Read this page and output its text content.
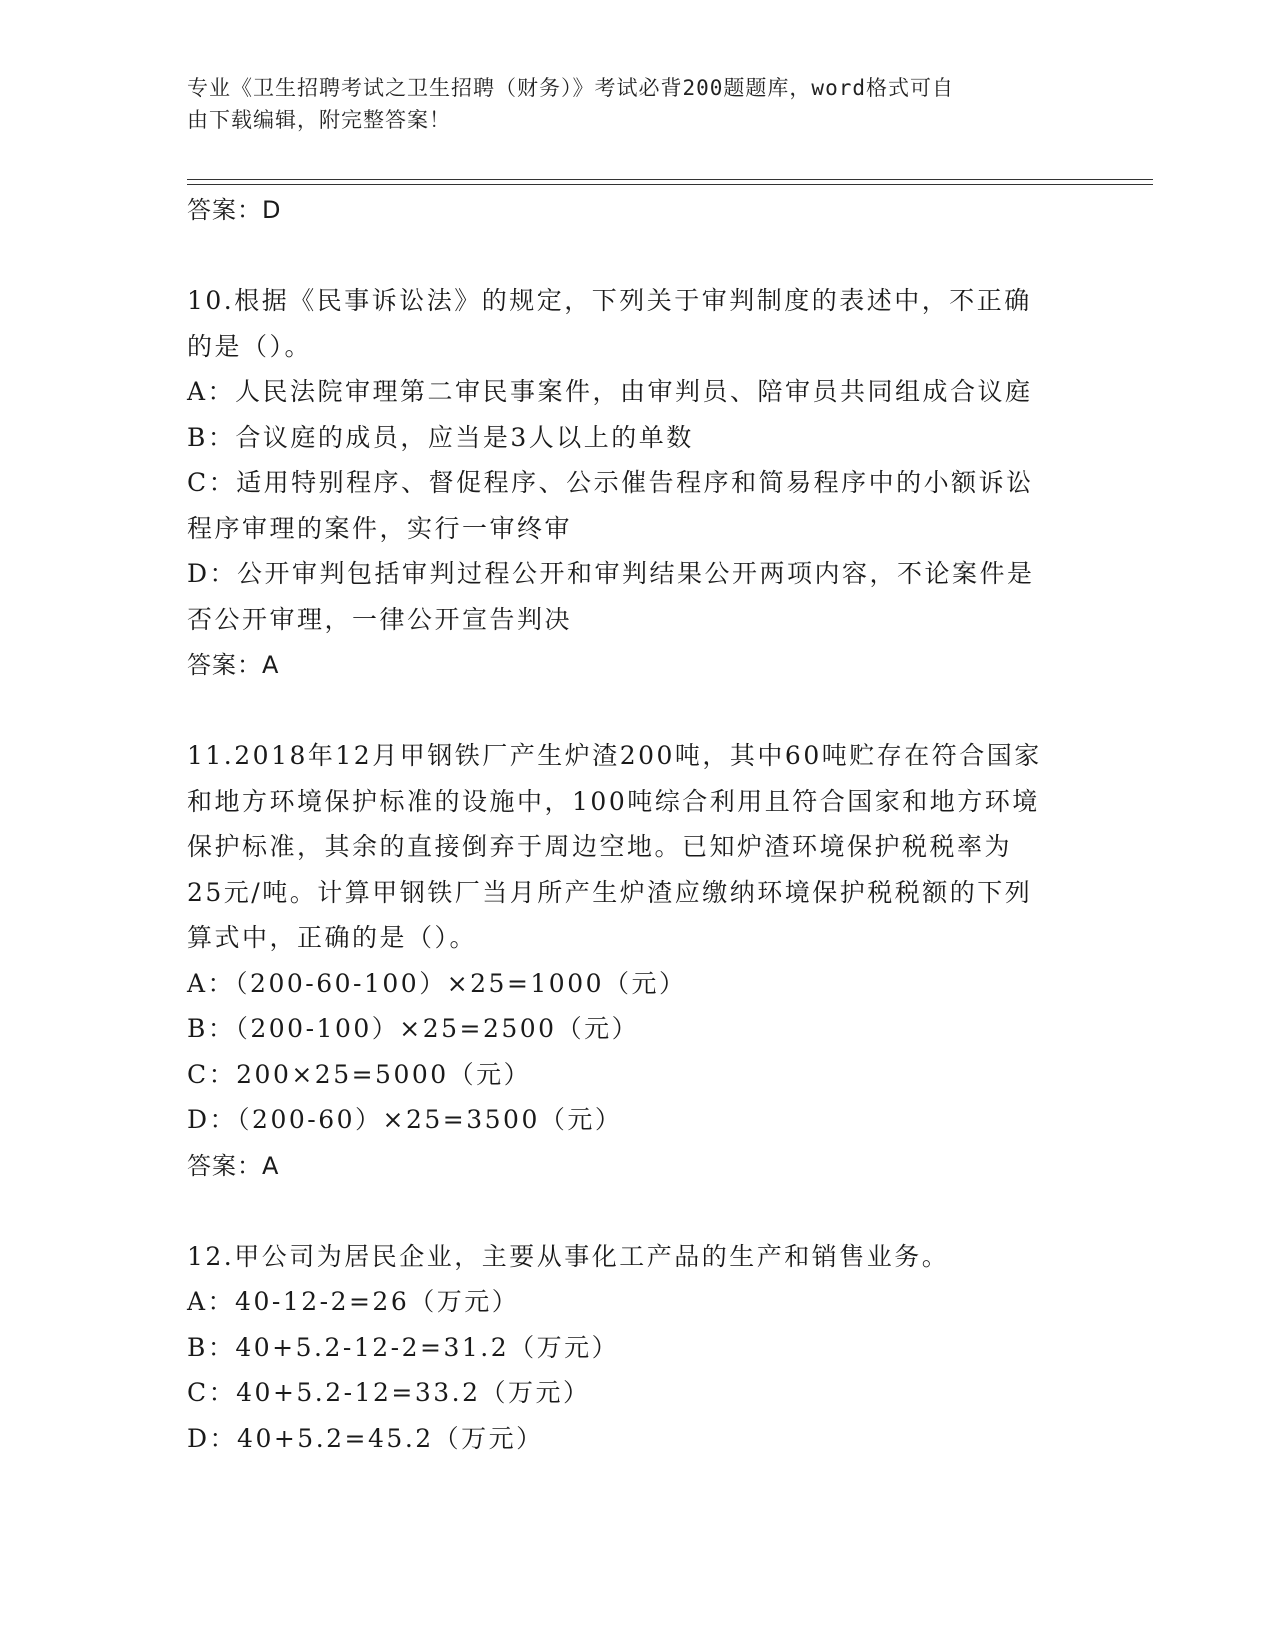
专业《卫生招聘考试之卫生招聘（财务）》考试必背200题题库，word格式可自
由下载编辑，附完整答案！
答案：D
10.根据《民事诉讼法》的规定，下列关于审判制度的表述中，不正确
的是（）。
A：人民法院审理第二审民事案件，由审判员、陪审员共同组成合议庭
B：合议庭的成员，应当是3人以上的单数
C：适用特别程序、督促程序、公示催告程序和简易程序中的小额诉讼
程序审理的案件，实行一审终审
D：公开审判包括审判过程公开和审判结果公开两项内容，不论案件是
否公开审理，一律公开宣告判决
答案：A
11.2018年12月甲钢铁厂产生炉渣200吨，其中60吨贮存在符合国家
和地方环境保护标准的设施中，100吨综合利用且符合国家和地方环境
保护标准，其余的直接倒弃于周边空地。已知炉渣环境保护税税率为
25元/吨。计算甲钢铁厂当月所产生炉渣应缴纳环境保护税税额的下列
算式中，正确的是（）。
A：（200-60-100）×25=1000（元）
B：（200-100）×25=2500（元）
C：200×25=5000（元）
D：（200-60）×25=3500（元）
答案：A
12.甲公司为居民企业，主要从事化工产品的生产和销售业务。
A：40-12-2=26（万元）
B：40+5.2-12-2=31.2（万元）
C：40+5.2-12=33.2（万元）
D：40+5.2=45.2（万元）
